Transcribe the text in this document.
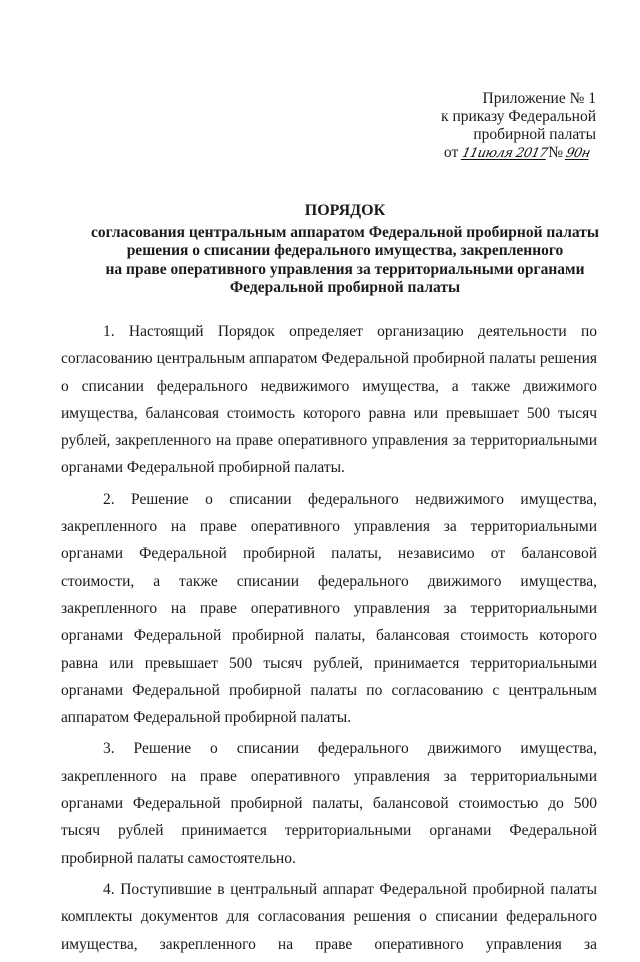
Приложение № 1
к приказу Федеральной
пробирной палаты
от 11июля 2017 № 90н
ПОРЯДОК
согласования центральным аппаратом Федеральной пробирной палаты
решения о списании федерального имущества, закрепленного
на праве оперативного управления за территориальными органами
Федеральной пробирной палаты

1. Настоящий Порядок определяет организацию деятельности по согласованию центральным аппаратом Федеральной пробирной палаты решения о списании федерального недвижимого имущества, а также движимого имущества, балансовая стоимость которого равна или превышает 500 тысяч рублей, закрепленного на праве оперативного управления за территориальными органами Федеральной пробирной палаты.

2. Решение о списании федерального недвижимого имущества, закрепленного на праве оперативного управления за территориальными органами Федеральной пробирной палаты, независимо от балансовой стоимости, а также списании федерального движимого имущества, закрепленного на праве оперативного управления за территориальными органами Федеральной пробирной палаты, балансовая стоимость которого равна или превышает 500 тысяч рублей, принимается территориальными органами Федеральной пробирной палаты по согласованию с центральным аппаратом Федеральной пробирной палаты.

3. Решение о списании федерального движимого имущества, закрепленного на праве оперативного управления за территориальными органами Федеральной пробирной палаты, балансовой стоимостью до 500 тысяч рублей принимается территориальными органами Федеральной пробирной палаты самостоятельно.

4. Поступившие в центральный аппарат Федеральной пробирной палаты комплекты документов для согласования решения о списании федерального имущества, закрепленного на праве оперативного управления за
